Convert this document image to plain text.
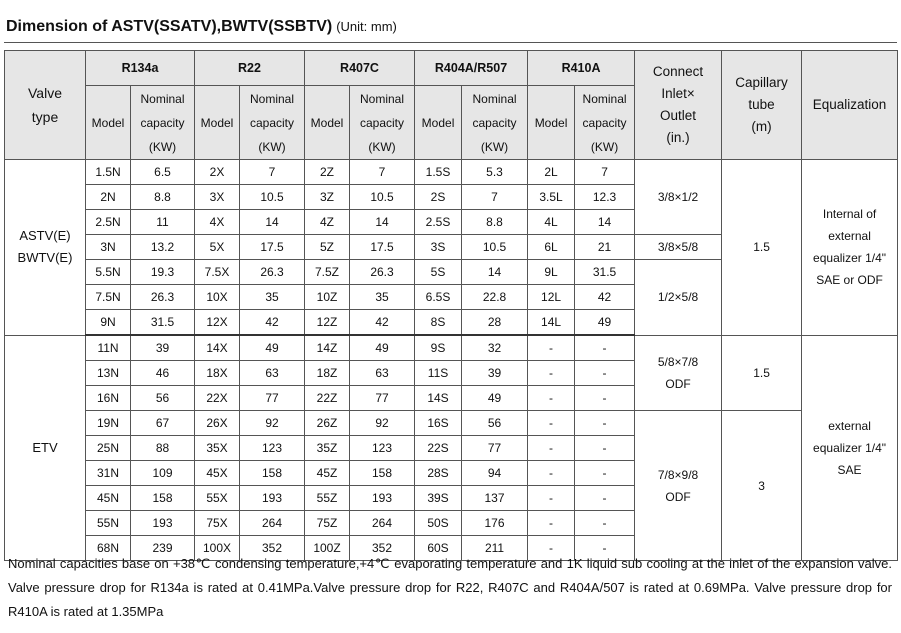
Dimension of ASTV(SSATV),BWTV(SSBTV) (Unit: mm)
Valve
type	R134a		R22		R407C		R404A/R507		R410A		Connect
Inlet×
Outlet
(in.)	Capillary
tube
(m)	Equalization
	Model	Nominal
capacity
(KW)	Model	Nominal
capacity
(KW)	Model	Nominal
capacity
(KW)	Model	Nominal
capacity
(KW)	Model	Nominal
capacity
(KW)			
ASTV(E)
BWTV(E)	1.5N	6.5	2X	7	2Z	7	1.5S	5.3	2L	7	3/8×1/2	1.5	Internal of
external
equalizer 1/4"
SAE or ODF
	2N	8.8	3X	10.5	3Z	10.5	2S	7	3.5L	12.3			
	2.5N	11	4X	14	4Z	14	2.5S	8.8	4L	14			
	3N	13.2	5X	17.5	5Z	17.5	3S	10.5	6L	21	3/8×5/8		
	5.5N	19.3	7.5X	26.3	7.5Z	26.3	5S	14	9L	31.5	1/2×5/8		
	7.5N	26.3	10X	35	10Z	35	6.5S	22.8	12L	42			
	9N	31.5	12X	42	12Z	42	8S	28	14L	49			
ETV	11N	39	14X	49	14Z	49	9S	32	-	-	5/8×7/8
ODF	1.5	external
equalizer 1/4"
SAE
	13N	46	18X	63	18Z	63	11S	39	-	-			
	16N	56	22X	77	22Z	77	14S	49	-	-			
	19N	67	26X	92	26Z	92	16S	56	-	-	7/8×9/8
ODF	3	
	25N	88	35X	123	35Z	123	22S	77	-	-			
	31N	109	45X	158	45Z	158	28S	94	-	-			
	45N	158	55X	193	55Z	193	39S	137	-	-			
	55N	193	75X	264	75Z	264	50S	176	-	-			
	68N	239	100X	352	100Z	352	60S	211	-	-			
Nominal capacities base on +38℃ condensing temperature,+4℃ evaporating temperature and 1K liquid sub cooling at the inlet of the expansion valve. Valve pressure drop for R134a is rated at 0.41MPa.Valve pressure drop for R22, R407C and R404A/507 is rated at 0.69MPa. Valve pressure drop for R410A is rated at 1.35MPa
